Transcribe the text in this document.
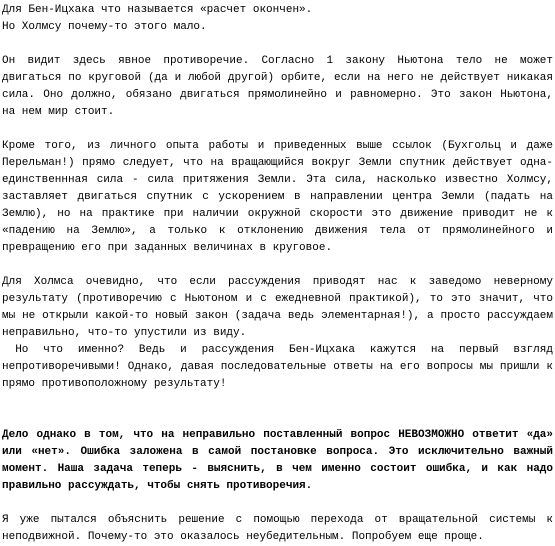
Для Бен-Ицхака что называется «расчет окончен».
Но Холмсу почему-то этого мало.

Он видит здесь явное противоречие. Согласно 1 закону Ньютона тело не может двигаться по круговой (да и любой другой) орбите, если на него не действует никакая сила. Оно должно, обязано двигаться прямолинейно и равномерно. Это закон Ньютона, на нем мир стоит.

Кроме того, из личного опыта работы и приведенных выше ссылок (Бухгольц и даже Перельман!) прямо следует, что на вращающийся вокруг Земли спутник действует одна-единственнная сила - сила притяжения Земли. Эта сила, насколько известно Холмсу, заставляет двигаться спутник с ускорением в направлении центра Земли (падать на Землю), но на практике при наличии окружной скорости это движение приводит не к «падению на Землю», а только к отклонению движения тела от прямолинейного и превращению его при заданных величинах в круговое.

Для Холмса очевидно, что если рассуждения приводят нас к заведомо неверному результату (противоречию с Ньютоном и с ежедневной практикой), то это значит, что мы не открыли какой-то новый закон (задача ведь элементарная!), а просто рассуждаем неправильно, что-то упустили из виду.

Но что именно? Ведь и рассуждения Бен-Ицхака кажутся на первый взгляд непротиворечивыми! Однако, давая последовательные ответы на его вопросы мы пришли к прямо противоположному результату!

Дело однако в том, что на неправильно поставленный вопрос НЕВОЗМОЖНО ответит «да» или «нет». Ошибка заложена в самой постановке вопроса. Это исключительно важный момент. Наша задача теперь - выяснить, в чем именно состоит ошибка, и как надо правильно рассуждать, чтобы снять противоречия.

Я уже пытался объяснить решение с помощью перехода от вращательной системы к неподвижной. Почему-то это оказалось неубедительным. Попробуем еще проще.
